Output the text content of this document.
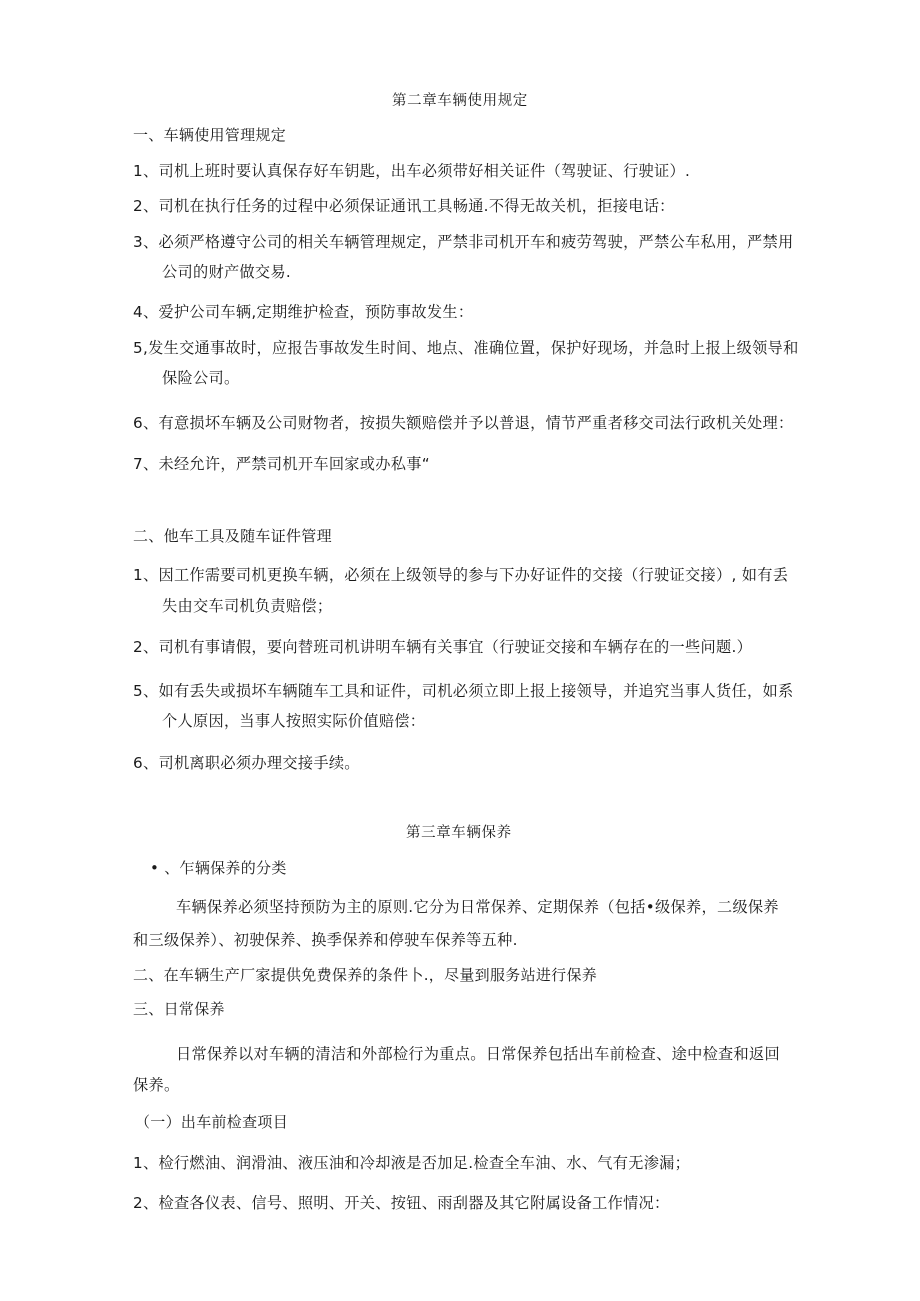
第二章车辆使用规定

一、车辆使用管理规定

1、司机上班时要认真保存好车钥匙，出车必须带好相关证件（驾驶证、行驶证）.

2、司机在执行任务的过程中必须保证通讯工具畅通.不得无故关机，拒接电话：

3、必须严格遵守公司的相关车辆管理规定，严禁非司机开车和疲劳驾驶，严禁公车私用，严禁用

公司的财产做交易.

4、爱护公司车辆,定期维护检查，预防事故发生：

5,发生交通事故时，应报告事故发生时间、地点、准确位置，保护好现场，并急时上报上级领导和

保险公司。

6、有意损坏车辆及公司财物者，按损失额赔偿并予以普退，情节严重者移交司法行政机关处理：

7、未经允许，严禁司机开车回家或办私事“

二、他车工具及随车证件管理

1、因工作需要司机更换车辆，必须在上级领导的参与下办好证件的交接（行驶证交接）, 如有丢

失由交车司机负责赔偿；

2、司机有事请假，要向替班司机讲明车辆有关事宜（行驶证交接和车辆存在的一些问题.）

5、如有丢失或损坏车辆随车工具和证件，司机必须立即上报上接领导，并追究当事人货任，如系

个人原因，当事人按照实际价值赔偿：

6、司机离职必须办理交接手续。

第三章车辆保养

• 、乍辆保养的分类

车辆保养必须坚持预防为主的原则.它分为日常保养、定期保养（包括•级保养，二级保养

和三级保养）、初驶保养、换季保养和停驶车保养等五种.

二、在车辆生产厂家提供免费保养的条件卜.，尽量到服务站进行保养

三、日常保养

日常保养以对车辆的清洁和外部检行为重点。日常保养包括出车前检查、途中检查和返回

保养。

（一）出车前检查项目

1、检行燃油、润滑油、液压油和冷却液是否加足.检查全车油、水、气有无渗漏；

2、检查各仪表、信号、照明、开关、按钮、雨刮器及其它附属设备工作情况：
